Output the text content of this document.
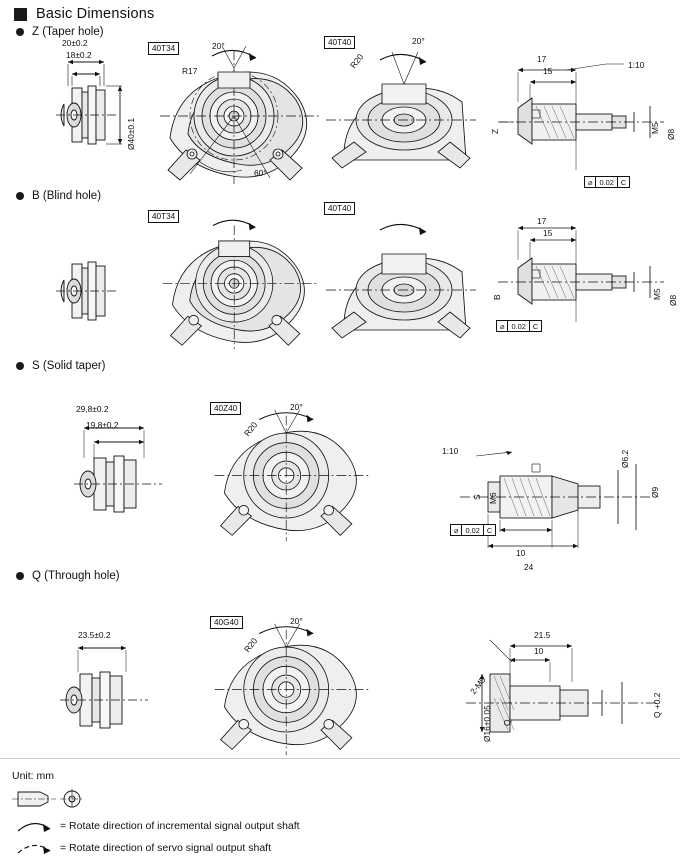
Basic Dimensions
Z (Taper hole)
B (Blind hole)
S (Solid taper)
Q (Through hole)
20±0.2
18±0.2
Ø40±0.1
40T34	20°
R17
60°
40T40	20°
R20	17
15
1:10
Z	M5
Ø8
⌀ 0.02 C
40T34
40T40
17
15
B	M5
Ø8
⌀ 0.02 C
29,8±0.2
19,8±0.2
40Z40	20°
R20
1:10
S M6
Ø6.2
Ø9
10
24
⌀ 0.02 C
23.5±0.2
40G40	20°
R20
21.5
10
2-M5
Q +0.2
Q
Ø16±0.05
Unit: mm
= Rotate direction of incremental signal output shaft
= Rotate direction of servo signal output shaft
